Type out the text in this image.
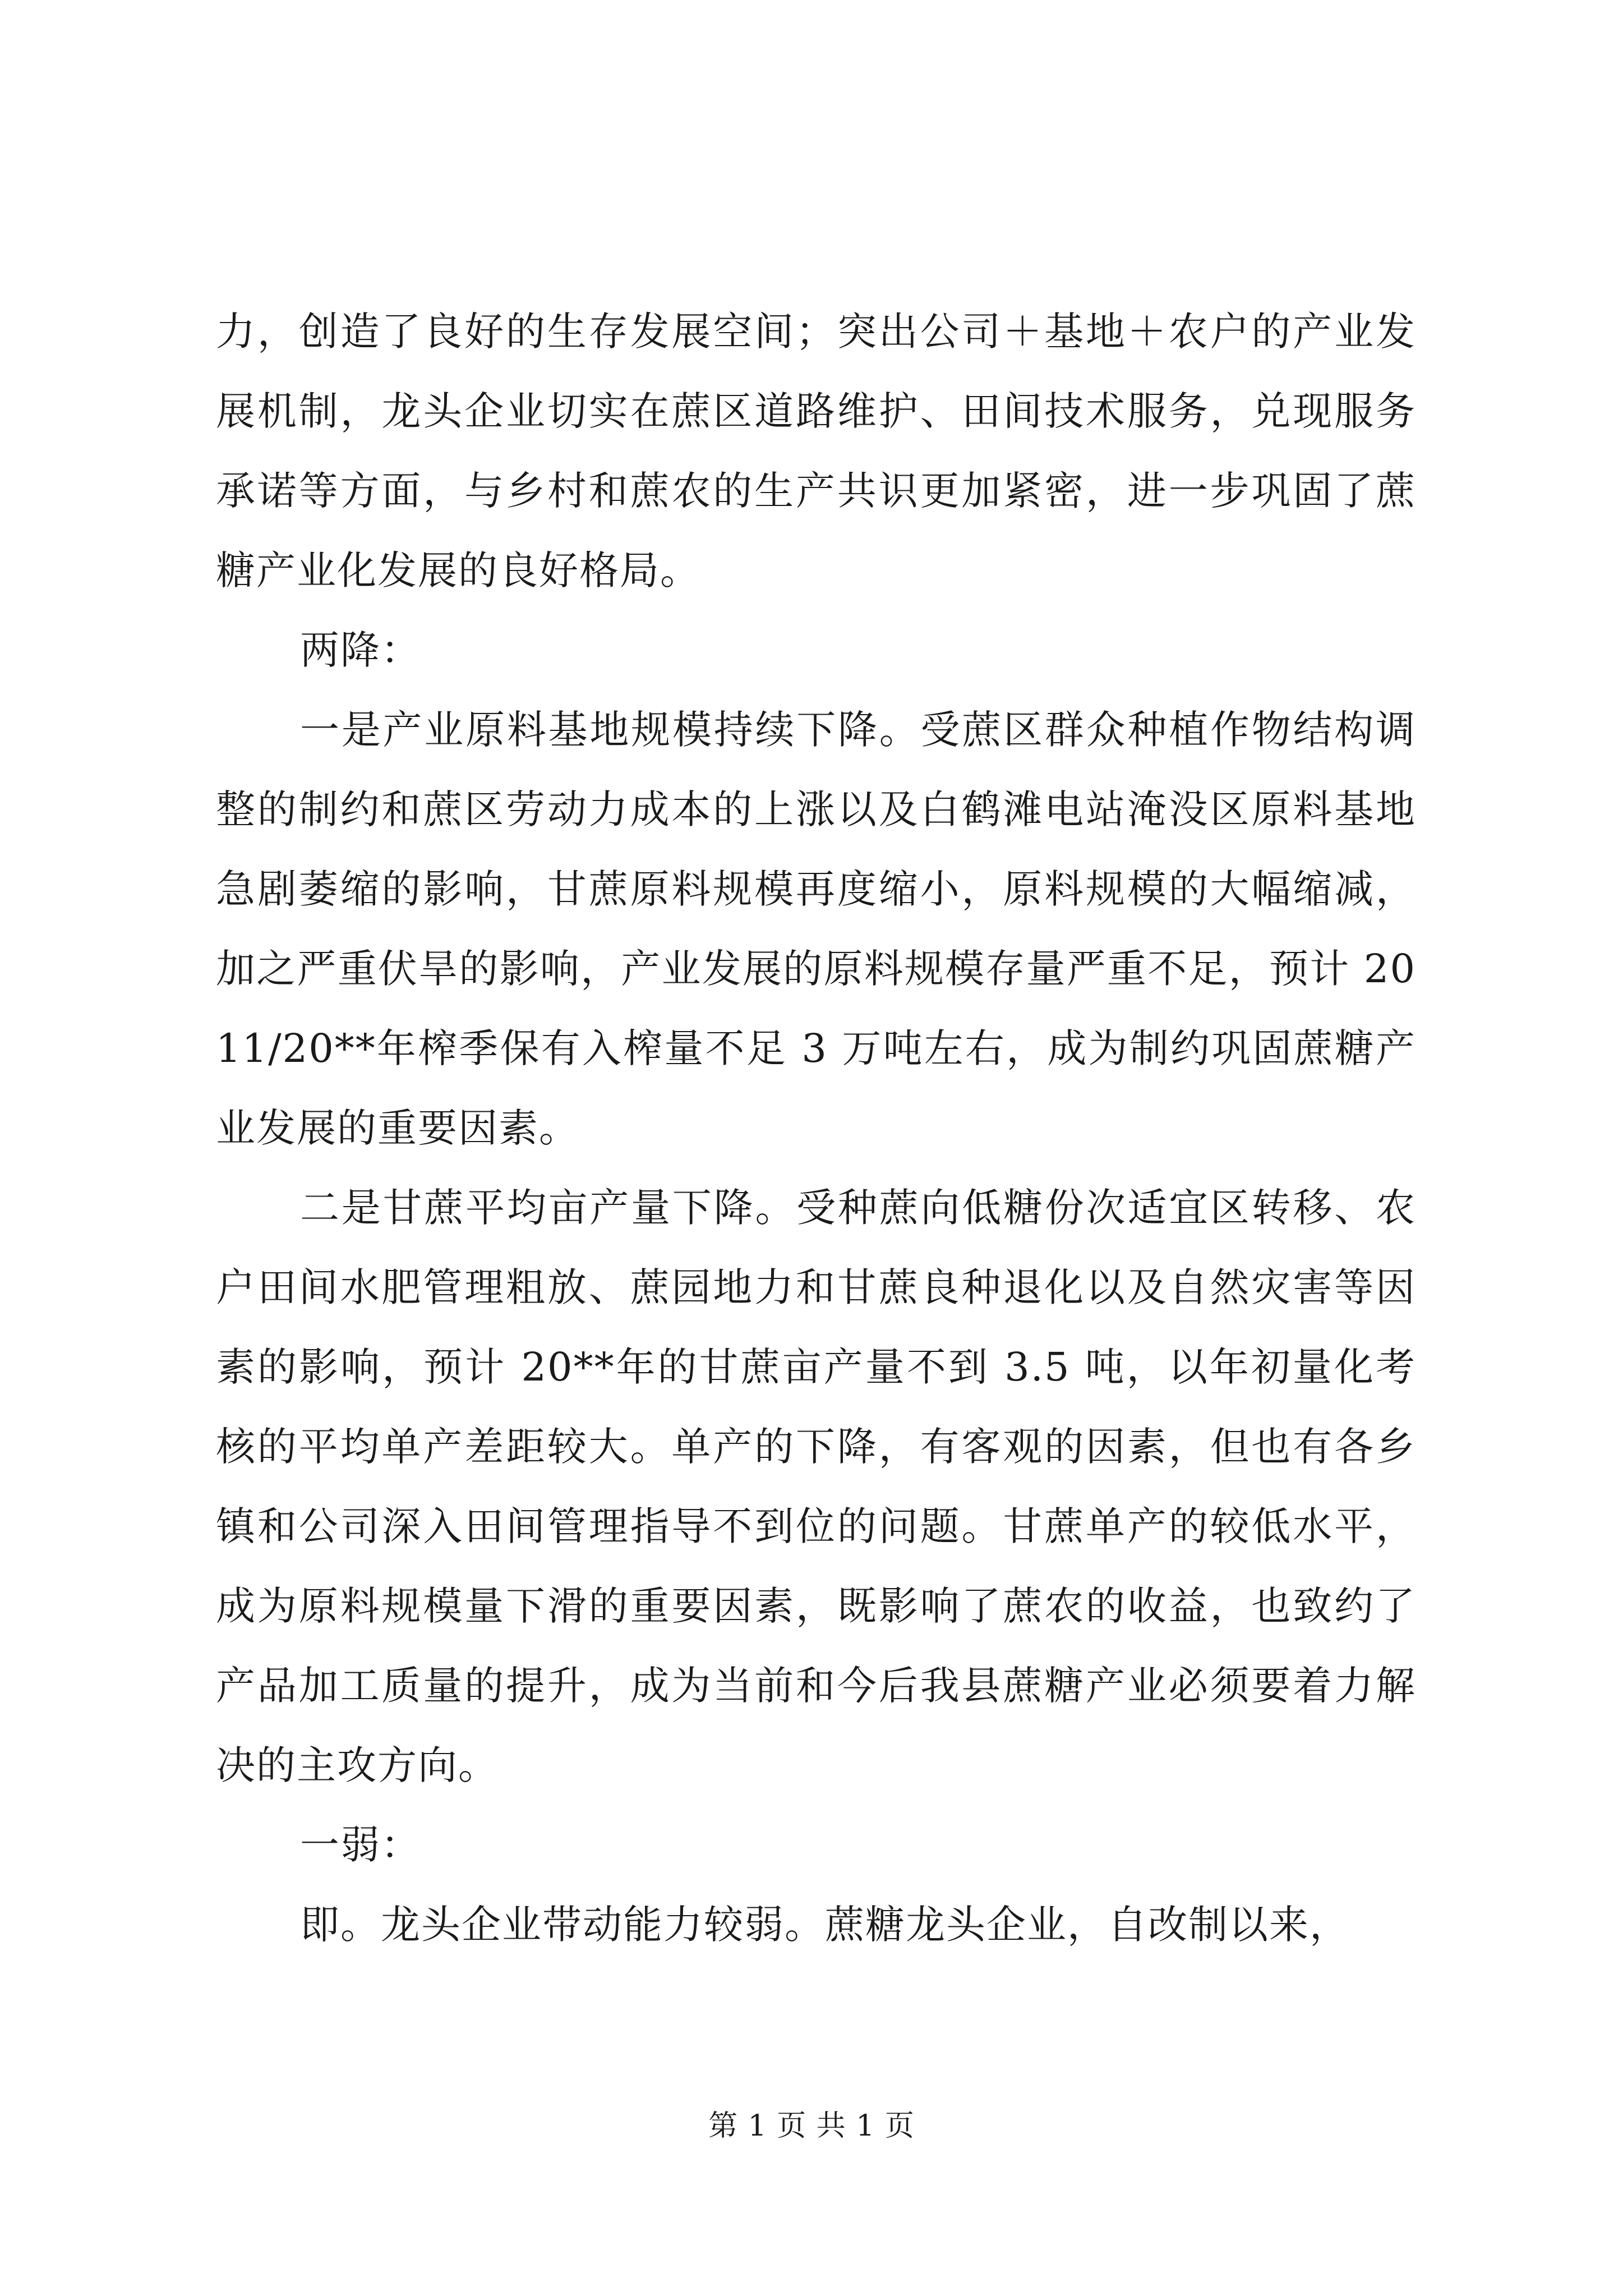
力，创造了良好的生存发展空间；突出公司＋基地＋农户的产业发展机制，龙头企业切实在蔗区道路维护、田间技术服务，兑现服务承诺等方面，与乡村和蔗农的生产共识更加紧密，进一步巩固了蔗糖产业化发展的良好格局。

两降：

一是产业原料基地规模持续下降。受蔗区群众种植作物结构调整的制约和蔗区劳动力成本的上涨以及白鹤滩电站淹没区原料基地急剧萎缩的影响，甘蔗原料规模再度缩小，原料规模的大幅缩减，加之严重伏旱的影响，产业发展的原料规模存量严重不足，预计 2011/20**年榨季保有入榨量不足 3 万吨左右，成为制约巩固蔗糖产业发展的重要因素。

二是甘蔗平均亩产量下降。受种蔗向低糖份次适宜区转移、农户田间水肥管理粗放、蔗园地力和甘蔗良种退化以及自然灾害等因素的影响，预计 20**年的甘蔗亩产量不到 3.5 吨，以年初量化考核的平均单产差距较大。单产的下降，有客观的因素，但也有各乡镇和公司深入田间管理指导不到位的问题。甘蔗单产的较低水平，成为原料规模量下滑的重要因素，既影响了蔗农的收益，也致约了产品加工质量的提升，成为当前和今后我县蔗糖产业必须要着力解决的主攻方向。

一弱：

即。龙头企业带动能力较弱。蔗糖龙头企业，自改制以来，

第 1 页 共 1 页
